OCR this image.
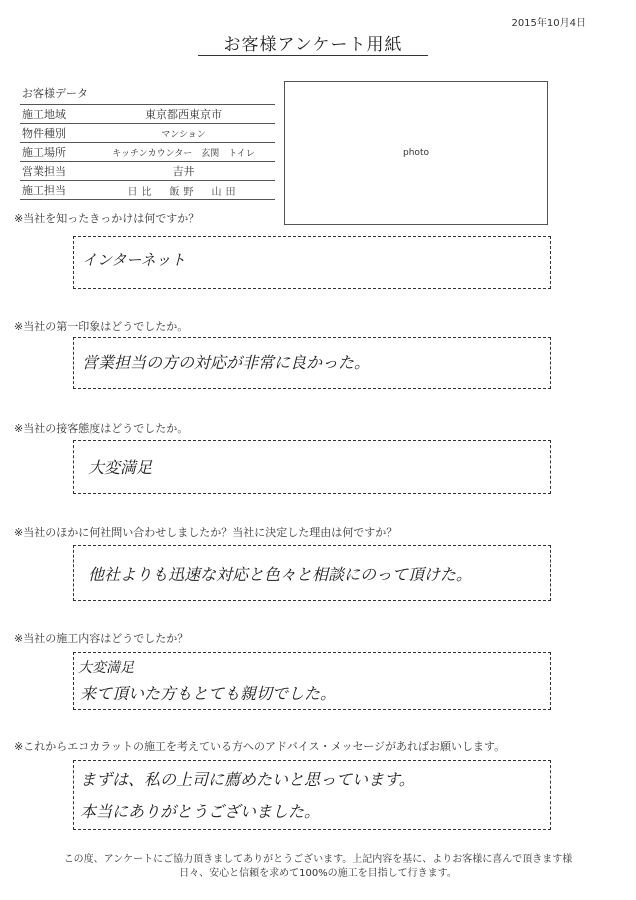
2015年10月4日
お客様アンケート用紙
お客様データ
施工地域	東京都西東京市
物件種別	マンション
施工場所	キッチンカウンター　玄関　トイレ
営業担当	吉井
施工担当	日比　飯野　山田
photo
※当社を知ったきっかけは何ですか？
インターネット
※当社の第一印象はどうでしたか。
営業担当の方の対応が非常に良かった。
※当社の接客態度はどうでしたか。
大変満足
※当社のほかに何社問い合わせしましたか？当社に決定した理由は何ですか？
他社よりも迅速な対応と色々と相談にのって頂けた。
※当社の施工内容はどうでしたか？
大変満足
来て頂いた方もとても親切でした。
※これからエコカラットの施工を考えている方へのアドバイス・メッセージがあればお願いします。
まずは、私の上司に薦めたいと思っています。
本当にありがとうございました。
この度、アンケートにご協力頂きましてありがとうございます。上記内容を基に、よりお客様に喜んで頂きます様
日々、安心と信頼を求めて100%の施工を目指して行きます。
